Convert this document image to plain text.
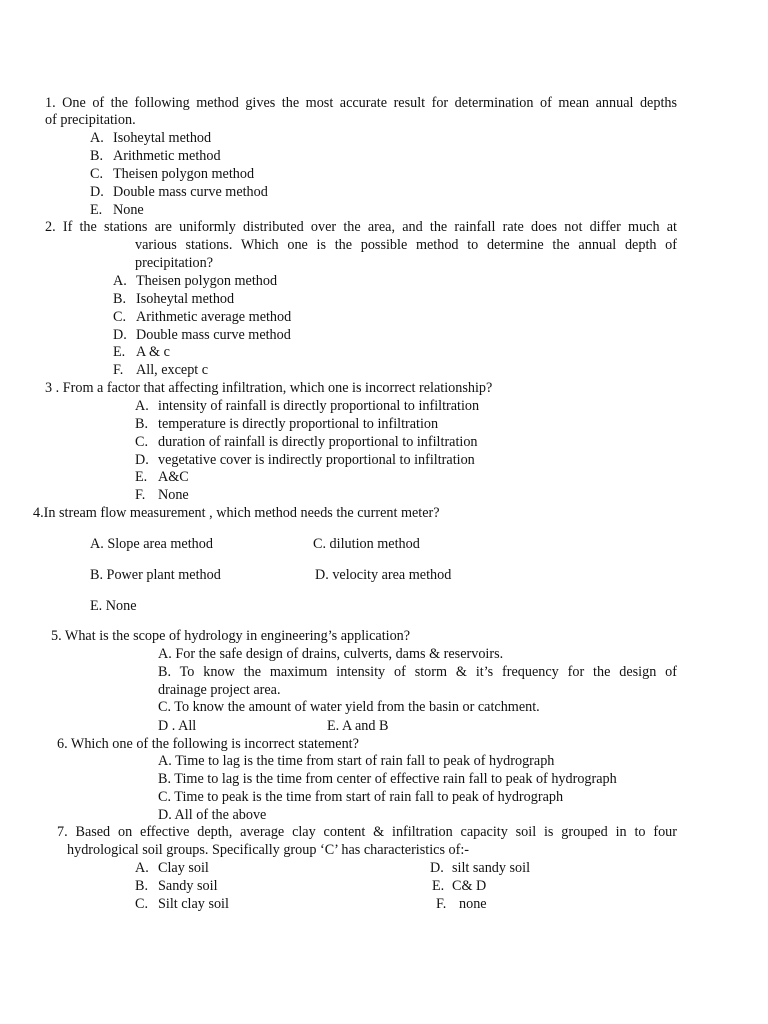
1. One of the following method gives the most accurate result for determination of mean annual depths
of precipitation.
A. Isoheytal method
B. Arithmetic method
C. Theisen polygon method
D. Double mass curve method
E. None
2. If the stations are uniformly distributed over the area, and the rainfall rate does not differ much at
various stations. Which one is the possible method to determine the annual depth of
precipitation?
A. Theisen polygon method
B. Isoheytal method
C. Arithmetic average method
D. Double mass curve method
E. A & c
F. All, except c
3 . From a factor that affecting infiltration, which one is incorrect relationship?
A. intensity of rainfall is directly proportional to infiltration
B. temperature is directly proportional to infiltration
C. duration of rainfall is directly proportional to infiltration
D. vegetative cover is indirectly proportional to infiltration
E. A&C
F. None
4.In stream flow measurement , which method needs the current meter?
A. Slope area method	C. dilution method
B. Power plant method	D. velocity area method
E. None
5. What is the scope of hydrology in engineering’s application?
A. For the safe design of drains, culverts, dams & reservoirs.
B. To know the maximum intensity of storm & it’s frequency for the design of
drainage project area.
C. To know the amount of water yield from the basin or catchment.
D . All	E. A and B
6. Which one of the following is incorrect statement?
A. Time to lag is the time from start of rain fall to peak of hydrograph
B. Time to lag is the time from center of effective rain fall to peak of hydrograph
C. Time to peak is the time from start of rain fall to peak of hydrograph
D. All of the above
7. Based on effective depth, average clay content & infiltration capacity soil is grouped in to four
hydrological soil groups. Specifically group ‘C’ has characteristics of:-
A. Clay soil
B. Sandy soil
C. Silt clay soil
D. silt sandy soil
E. C& D
F. none
